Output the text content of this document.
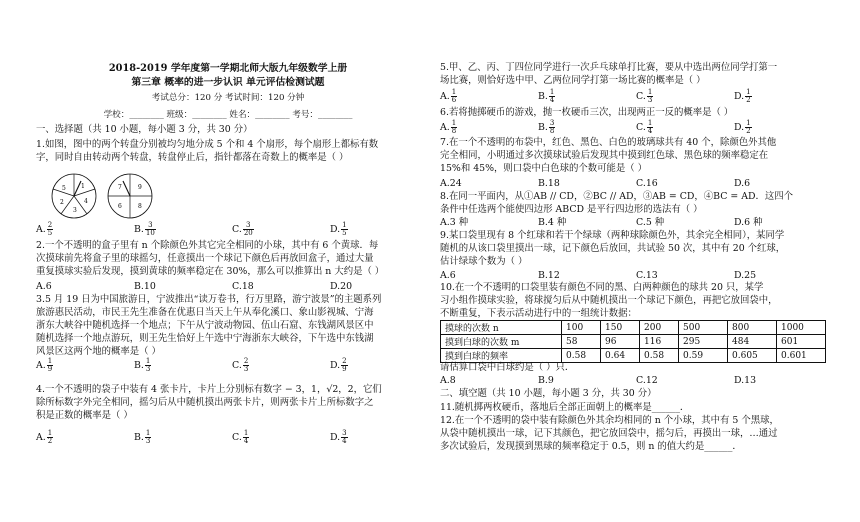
2018-2019 学年度第一学期北师大版九年级数学上册
第三章 概率的进一步认识 单元评估检测试题
考试总分：120 分 考试时间：120 分钟
学校：________ 班级：________ 姓名：________ 考号：________
一、选择题（共 10 小题，每小题 3 分，共 30 分）
1.如图，图中的两个转盘分别被均匀地分成 5 个和 4 个扇形，每个扇形上都标有数
字，同时自由转动两个转盘，转盘停止后，指针都落在奇数上的概率是（ ）
1
5
2
3
4
7	9
6	8
A. $\frac{2}{5}$	B. $\frac{3}{10}$	C. $\frac{3}{20}$	D. $\frac{1}{5}$
2.一个不透明的盒子里有 n 个除颜色外其它完全相同的小球，其中有 6 个黄球．每
次摸球前先将盒子里的球摇匀，任意摸出一个球记下颜色后再放回盒子，通过大量
重复摸球实验后发现，摸到黄球的频率稳定在 30%，那么可以推算出 n 大约是（ ）
A.6	B.10	C.18	D.20
3.5 月 19 日为中国旅游日，宁波推出“读万卷书，行万里路，游宁波景”的主题系列
旅游惠民活动，市民王先生准备在优惠日当天上午从奉化溪口、象山影视城、宁海
浙东大峡谷中随机选择一个地点；下午从宁波动物园、伍山石窟、东钱湖风景区中
随机选择一个地点游玩，则王先生恰好上午选中宁海浙东大峡谷，下午选中东钱湖
风景区这两个地的概率是（ ）
A. $\frac{1}{9}$	B. $\frac{1}{3}$	C. $\frac{2}{3}$	D. $\frac{2}{9}$
4.一个不透明的袋子中装有 4 张卡片，卡片上分别标有数字 − 3，1，√2，2，它们
除所标数字外完全相同，摇匀后从中随机摸出两张卡片，则两张卡片上所标数字之
积是正数的概率是（ ）
A. $\frac{1}{2}$	B. $\frac{1}{3}$	C. $\frac{1}{4}$	D. $\frac{3}{4}$
5.甲、乙、丙、丁四位同学进行一次乒乓球单打比赛，要从中选出两位同学打第一
场比赛，则恰好选中甲、乙两位同学打第一场比赛的概率是（ ）
A. $\frac{1}{6}$	B. $\frac{1}{4}$	C. $\frac{1}{3}$	D. $\frac{1}{2}$
6.若将抛掷硬币的游戏，抛一枚硬币三次，出现两正一反的概率是（ ）
A. $\frac{1}{8}$	B. $\frac{3}{8}$	C. $\frac{1}{4}$	D. $\frac{1}{2}$
7.在一个不透明的布袋中，红色、黑色、白色的玻璃球共有 40 个，除颜色外其他
完全相同，小明通过多次摸球试验后发现其中摸到红色球、黑色球的频率稳定在
15%和 45%，则口袋中白色球的个数可能是（ ）
A.24	B.18	C.16	D.6
8.在同一平面内，从①AB // CD，②BC // AD，③AB = CD，④BC = AD．这四个
条件中任选两个能使四边形 ABCD 是平行四边形的选法有（ ）
A.3 种	B.4 种	C.5 种	D.6 种
9.某口袋里现有 8 个红球和若干个绿球（两种球除颜色外，其余完全相同），某同学
随机的从该口袋里摸出一球，记下颜色后放回，共试验 50 次，其中有 20 个红球，
估计绿球个数为（ ）
A.6	B.12	C.13	D.25
10.在一个不透明的口袋里装有颜色不同的黑、白两种颜色的球共 20 只，某学
习小组作摸球实验，将球搅匀后从中随机摸出一个球记下颜色，再把它放回袋中，
不断重复，下表示活动进行中的一组统计数据：
请估算口袋中白球约是（ ）只．
A.8	B.9	C.12	D.13
二、填空题（共 10 小题，每小题 3 分，共 30 分）
11.随机掷两枚硬币，落地后全部正面朝上的概率是______．
12.在一个不透明的袋中装有除颜色外其余均相同的 n 个小球，其中有 5 个黑球，
从袋中随机摸出一球，记下其颜色，把它放回袋中，摇匀后，再摸出一球，…通过
多次试验后，发现摸到黑球的频率稳定于 0.5，则 n 的值大约是______．
摸球的次数 n	100	150	200	500	800	1000
摸到白球的次数 m	58	96	116	295	484	601
摸到白球的频率	0.58	0.64	0.58	0.59	0.605	0.601
